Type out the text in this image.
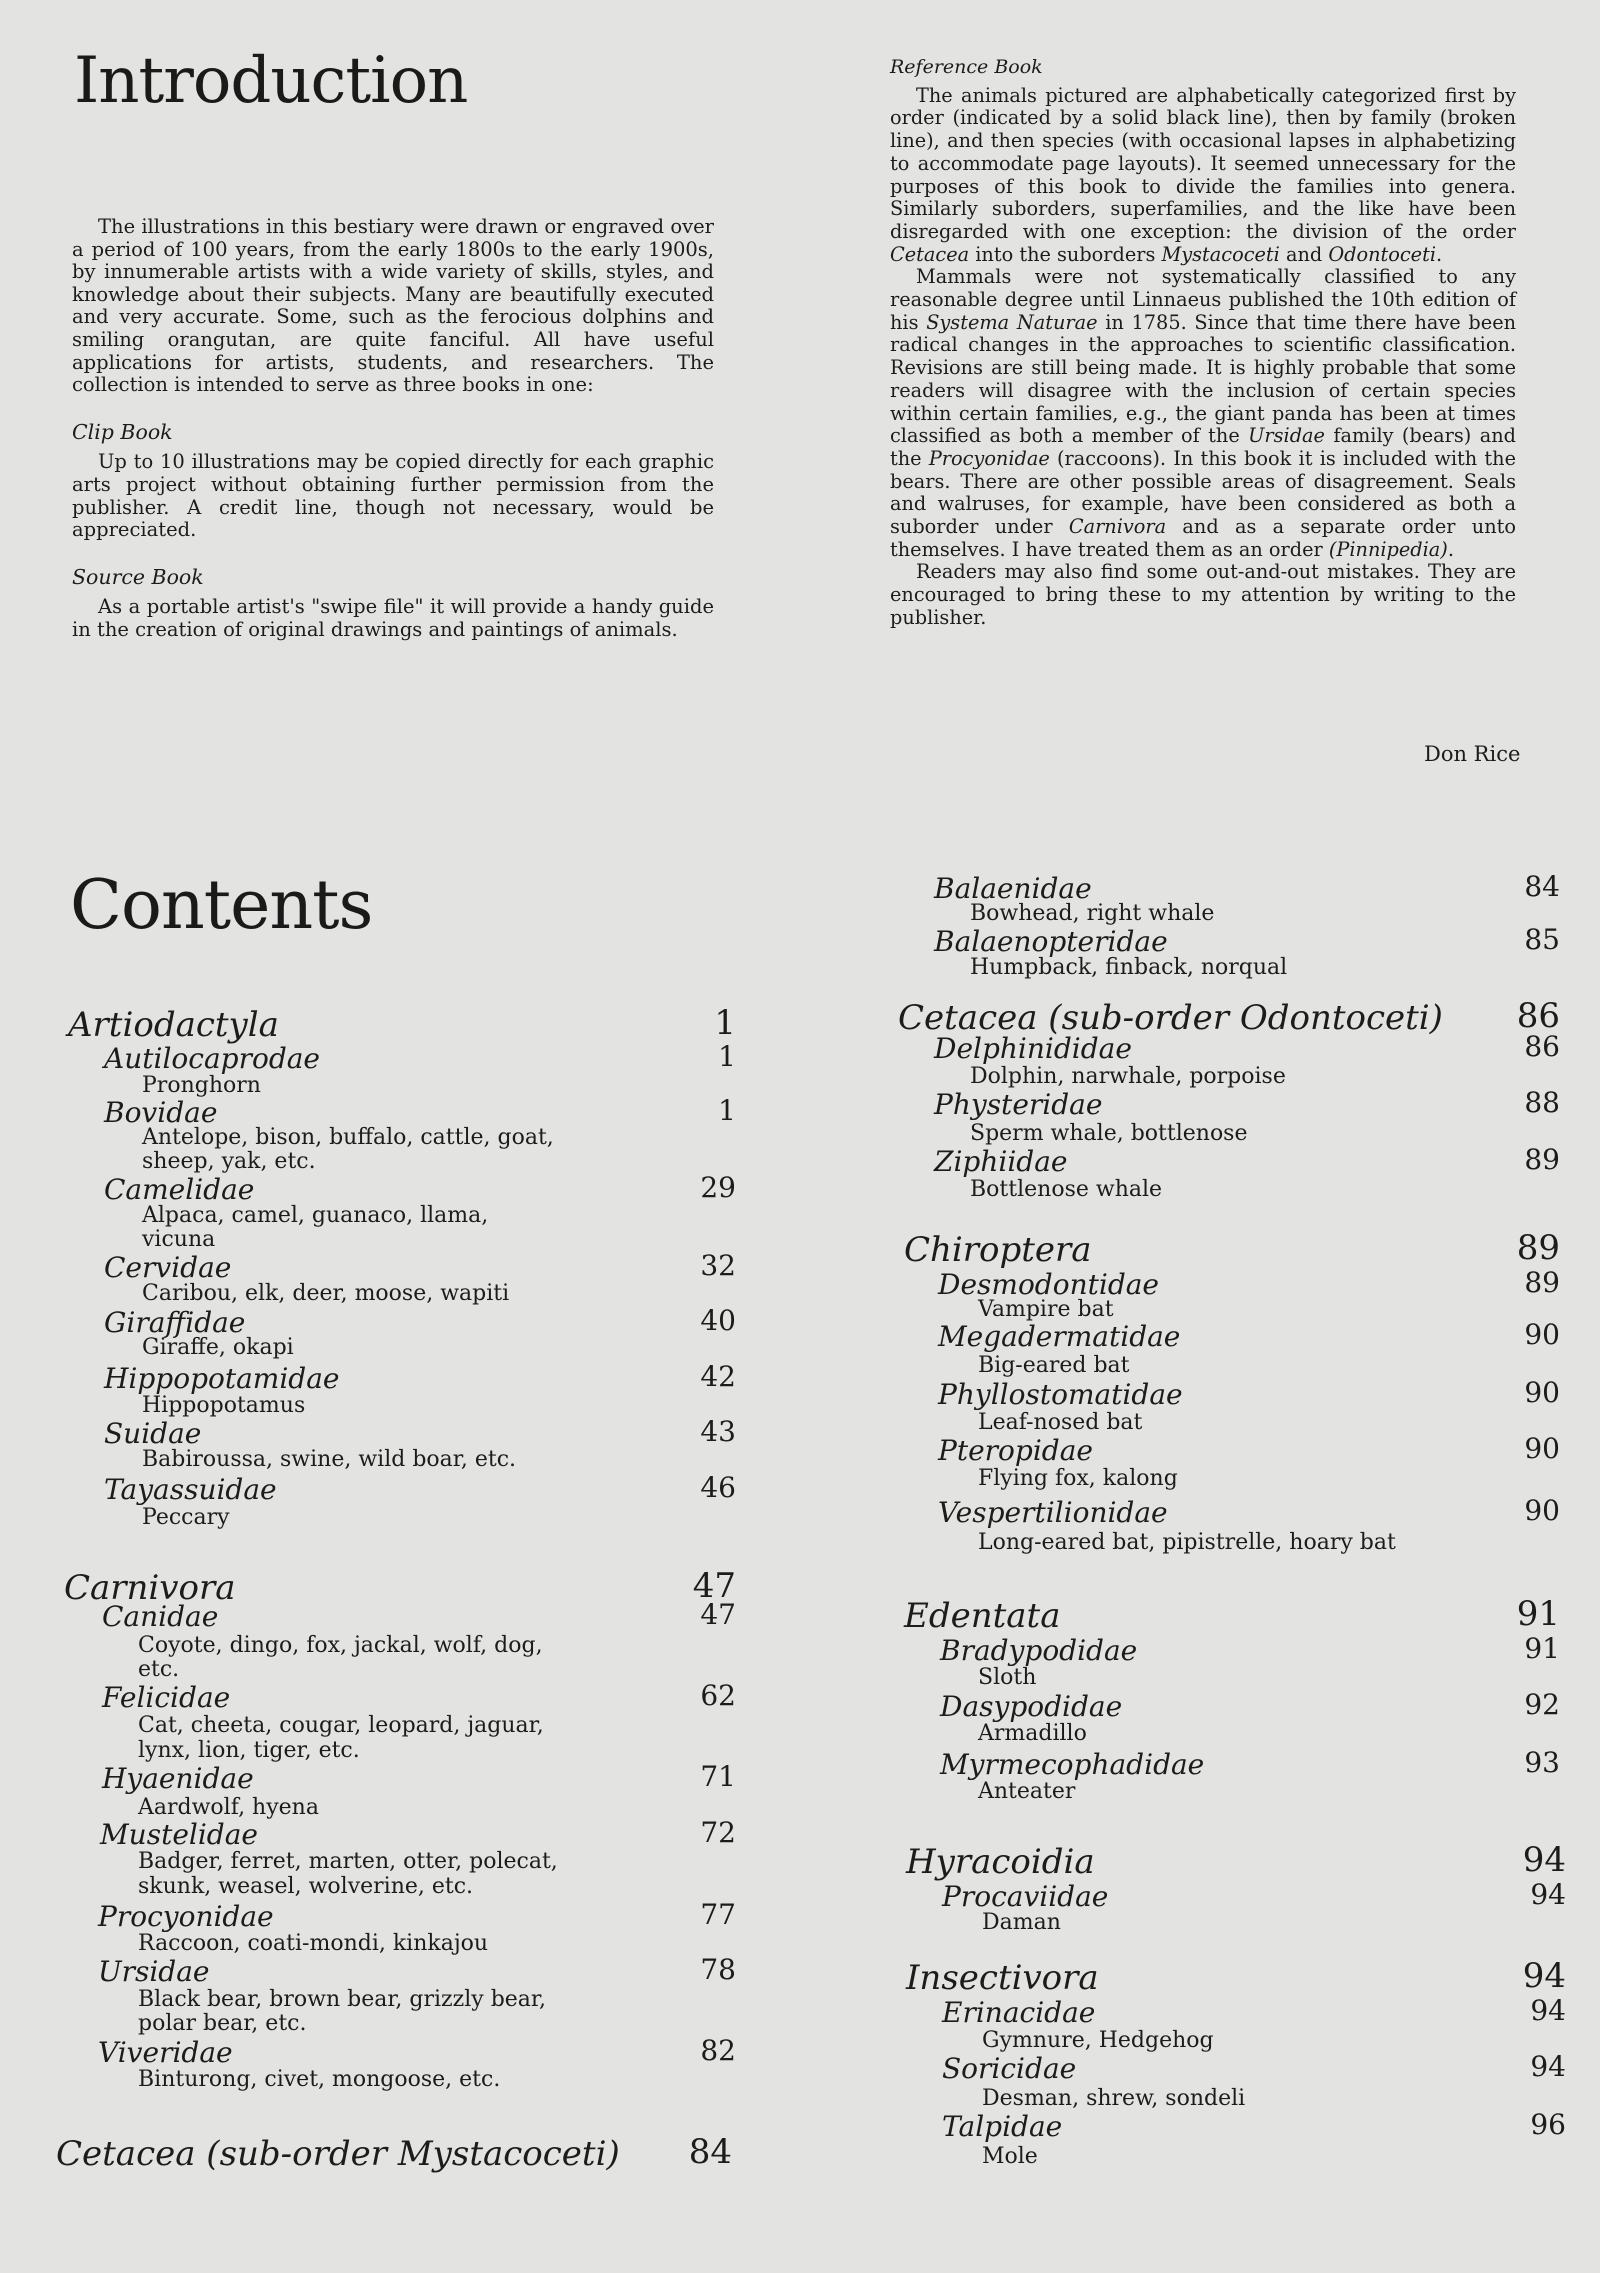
Introduction

The illustrations in this bestiary were drawn or engraved over a period of 100 years, from the early 1800s to the early 1900s, by innumerable artists with a wide variety of skills, styles, and knowledge about their subjects. Many are beautifully executed and very accurate. Some, such as the ferocious dolphins and smiling orangutan, are quite fanciful. All have useful applications for artists, students, and researchers. The collection is intended to serve as three books in one:

Clip Book

Up to 10 illustrations may be copied directly for each graphic arts project without obtaining further permission from the publisher. A credit line, though not necessary, would be appreciated.

Source Book

As a portable artist's "swipe file" it will provide a handy guide in the creation of original drawings and paintings of animals.

Reference Book

The animals pictured are alphabetically categorized first by order (indicated by a solid black line), then by family (broken line), and then species (with occasional lapses in alphabetizing to accommodate page layouts). It seemed unnecessary for the purposes of this book to divide the families into genera. Similarly suborders, superfamilies, and the like have been disregarded with one exception: the division of the order Cetacea into the suborders Mystacoceti and Odontoceti.

Mammals were not systematically classified to any reasonable degree until Linnaeus published the 10th edition of his Systema Naturae in 1785. Since that time there have been radical changes in the approaches to scientific classification. Revisions are still being made. It is highly probable that some readers will disagree with the inclusion of certain species within certain families, e.g., the giant panda has been at times classified as both a member of the Ursidae family (bears) and the Procyonidae (raccoons). In this book it is included with the bears. There are other possible areas of disagreement. Seals and walruses, for example, have been considered as both a suborder under Carnivora and as a separate order unto themselves. I have treated them as an order (Pinnipedia).

Readers may also find some out-and-out mistakes. They are encouraged to bring these to my attention by writing to the publisher.

Don Rice
Contents
Artiodactyla	1
Autilocaprodae	1
Pronghorn
Bovidae	1
Antelope, bison, buffalo, cattle, goat,
sheep, yak, etc.
Camelidae	29
Alpaca, camel, guanaco, llama,
vicuna
Cervidae	32
Caribou, elk, deer, moose, wapiti
Giraffidae	40
Giraffe, okapi
Hippopotamidae	42
Hippopotamus
Suidae	43
Babiroussa, swine, wild boar, etc.
Tayassuidae	46
Peccary
Carnivora	47
Canidae	47
Coyote, dingo, fox, jackal, wolf, dog,
etc.
Felicidae	62
Cat, cheeta, cougar, leopard, jaguar,
lynx, lion, tiger, etc.
Hyaenidae	71
Aardwolf, hyena
Mustelidae	72
Badger, ferret, marten, otter, polecat,
skunk, weasel, wolverine, etc.
Procyonidae	77
Raccoon, coati-mondi, kinkajou
Ursidae	78
Black bear, brown bear, grizzly bear,
polar bear, etc.
Viveridae	82
Binturong, civet, mongoose, etc.
Cetacea (sub-order Mystacoceti)	84
Balaenidae	84
Bowhead, right whale
Balaenopteridae	85
Humpback, finback, norqual
Cetacea (sub-order Odontoceti)	86
Delphinididae	86
Dolphin, narwhale, porpoise
Physteridae	88
Sperm whale, bottlenose
Ziphiidae	89
Bottlenose whale
Chiroptera	89
Desmodontidae	89
Vampire bat
Megadermatidae	90
Big-eared bat
Phyllostomatidae	90
Leaf-nosed bat
Pteropidae	90
Flying fox, kalong
Vespertilionidae	90
Long-eared bat, pipistrelle, hoary bat
Edentata	91
Bradypodidae	91
Sloth
Dasypodidae	92
Armadillo
Myrmecophadidae	93
Anteater
Hyracoidia	94
Procaviidae	94
Daman
Insectivora	94
Erinacidae	94
Gymnure, Hedgehog
Soricidae	94
Desman, shrew, sondeli
Talpidae	96
Mole
